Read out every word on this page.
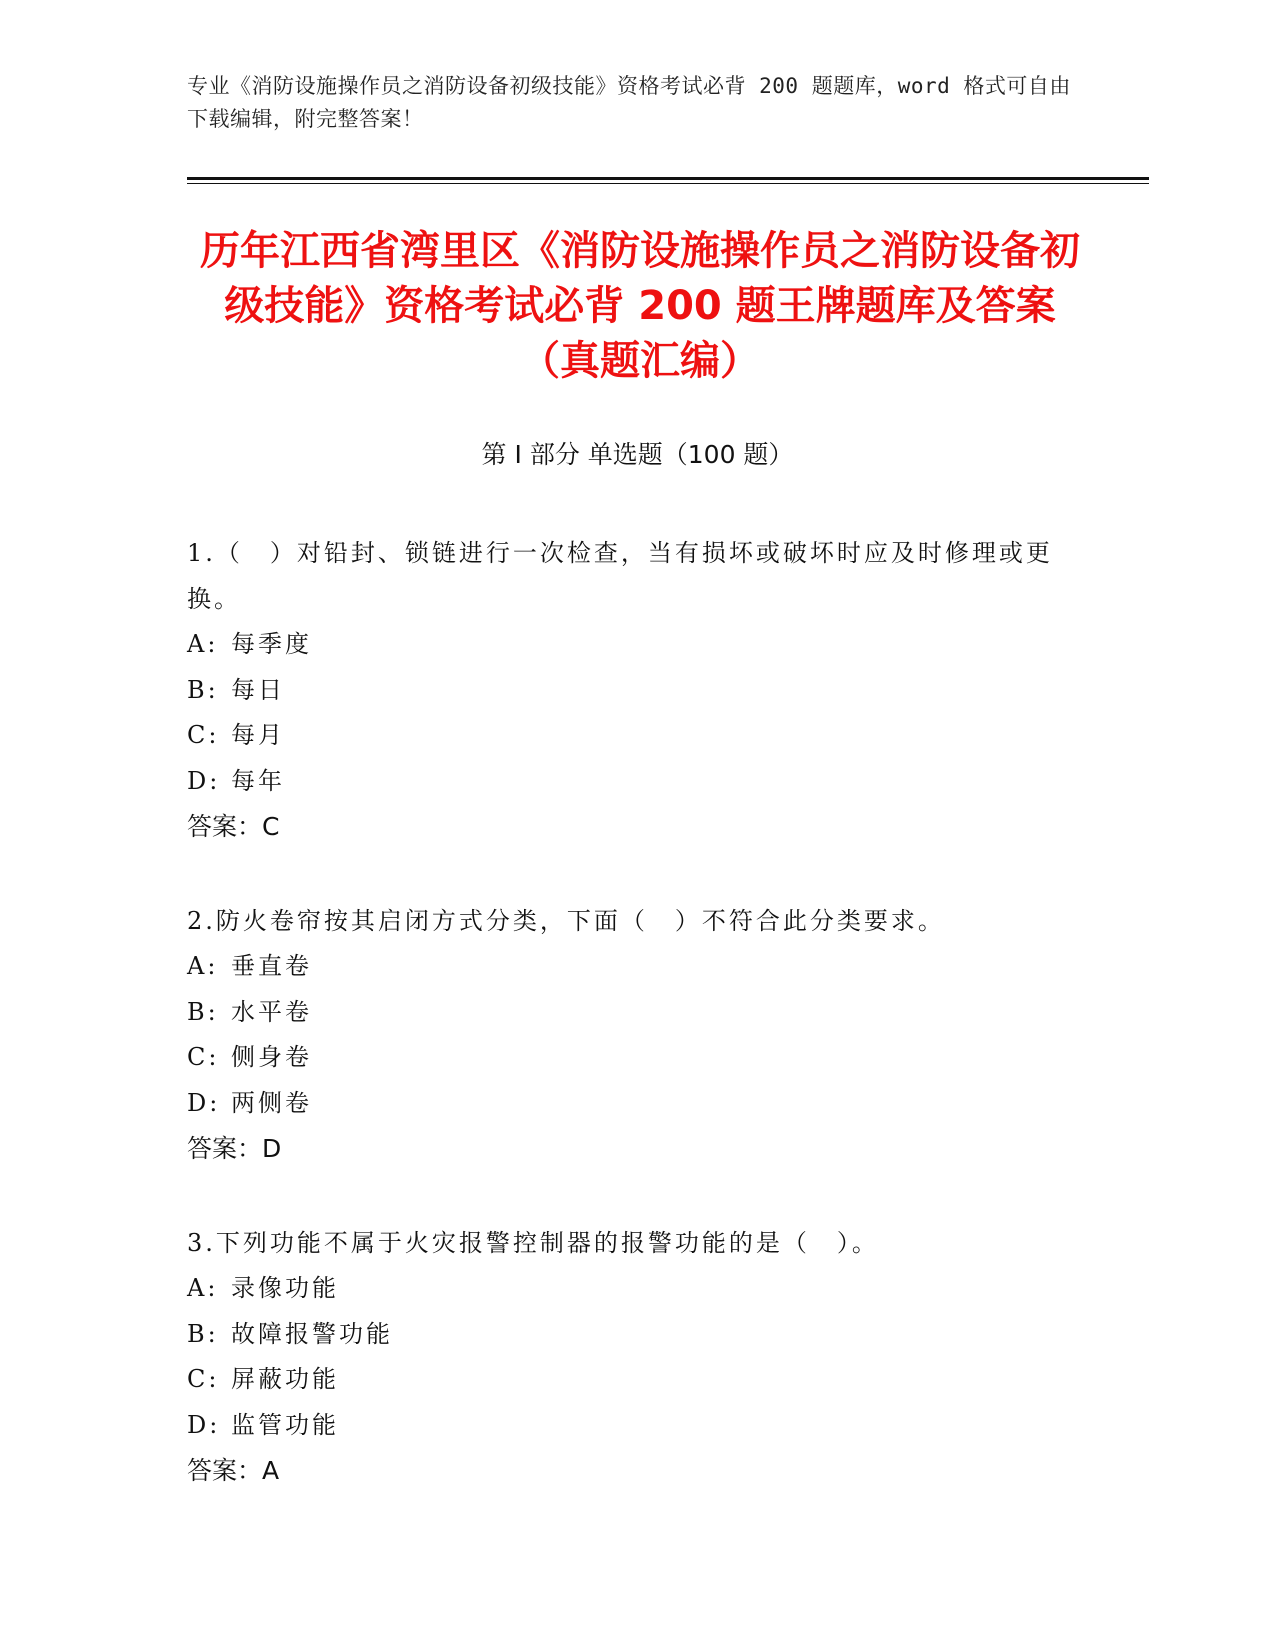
专业《消防设施操作员之消防设备初级技能》资格考试必背 200 题题库，word 格式可自由下载编辑，附完整答案！
历年江西省湾里区《消防设施操作员之消防设备初级技能》资格考试必背 200 题王牌题库及答案（真题汇编）
第 I 部分 单选题（100 题）
1.（　）对铅封、锁链进行一次检查，当有损坏或破坏时应及时修理或更换。
A: 每季度
B: 每日
C: 每月
D: 每年
答案：C
2.防火卷帘按其启闭方式分类，下面（　）不符合此分类要求。
A: 垂直卷
B: 水平卷
C: 侧身卷
D: 两侧卷
答案：D
3.下列功能不属于火灾报警控制器的报警功能的是（　）。
A: 录像功能
B: 故障报警功能
C: 屏蔽功能
D: 监管功能
答案：A
